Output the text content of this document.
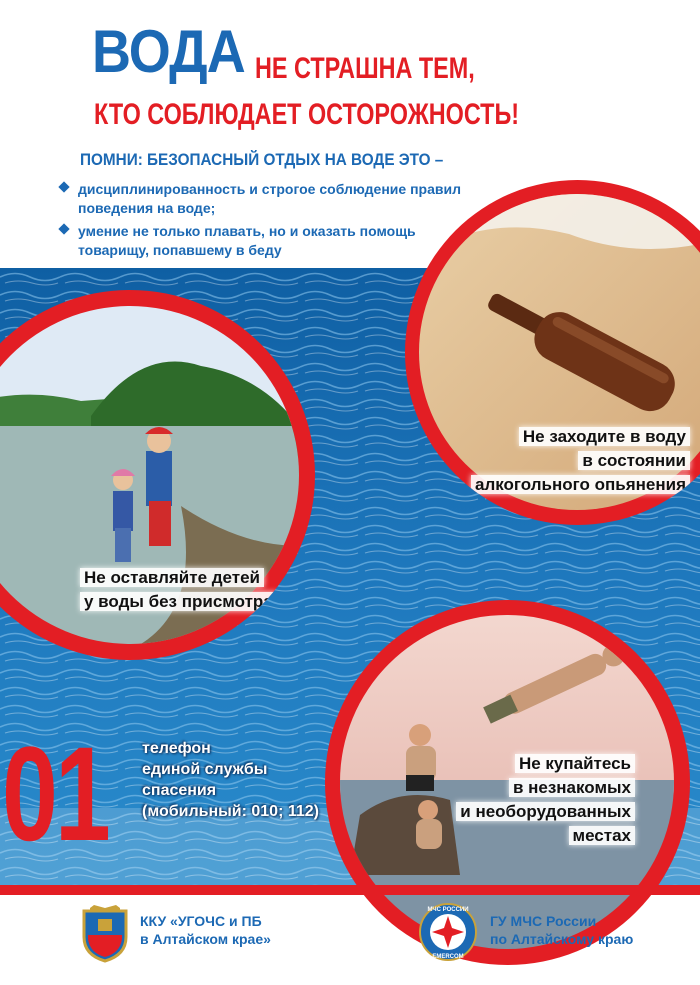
ВОДА НЕ СТРАШНА ТЕМ,
КТО СОБЛЮДАЕТ ОСТОРОЖНОСТЬ!
ПОМНИ: БЕЗОПАСНЫЙ ОТДЫХ НА ВОДЕ ЭТО –
дисциплинированность и строгое соблюдение правил поведения на воде;
умение не только плавать, но и оказать помощь товарищу, попавшему в беду
Не оставляйте детей
у воды без присмотра
Не заходите в воду
в состоянии
алкогольного опьянения
Не купайтесь
в незнакомых
и необорудованных
местах
01 телефон
единой службы
спасения
(мобильный: 010; 112)
ККУ «УГОЧС и ПБ
в Алтайском крае»
МЧС РОССИИ
EMERCOM
ГУ МЧС России
по Алтайскому краю
